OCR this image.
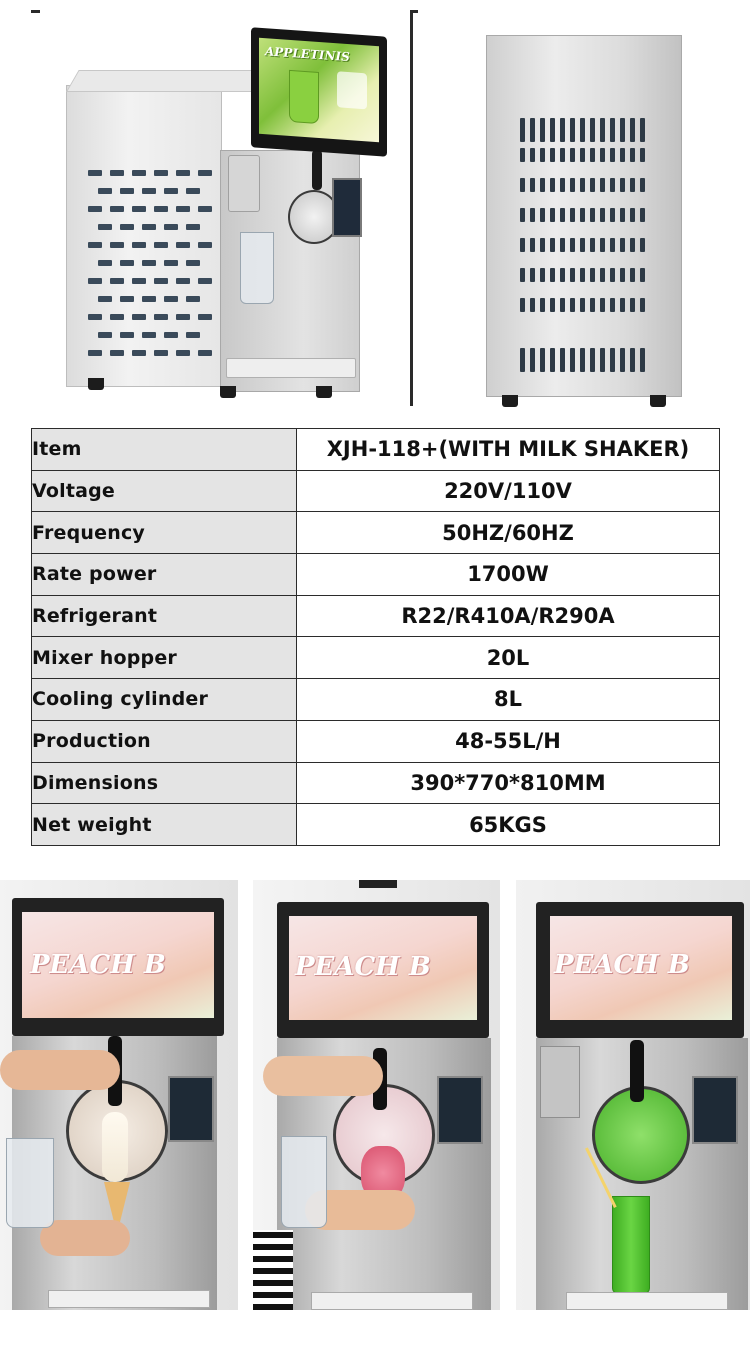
APPLETINIS
Item	XJH-118+(WITH MILK SHAKER)
Voltage	220V/110V
Frequency	50HZ/60HZ
Rate power	1700W
Refrigerant	R22/R410A/R290A
Mixer hopper	20L
Cooling cylinder	8L
Production	48-55L/H
Dimensions	390*770*810MM
Net weight	65KGS
PEACH B	PEACH B	PEACH B
